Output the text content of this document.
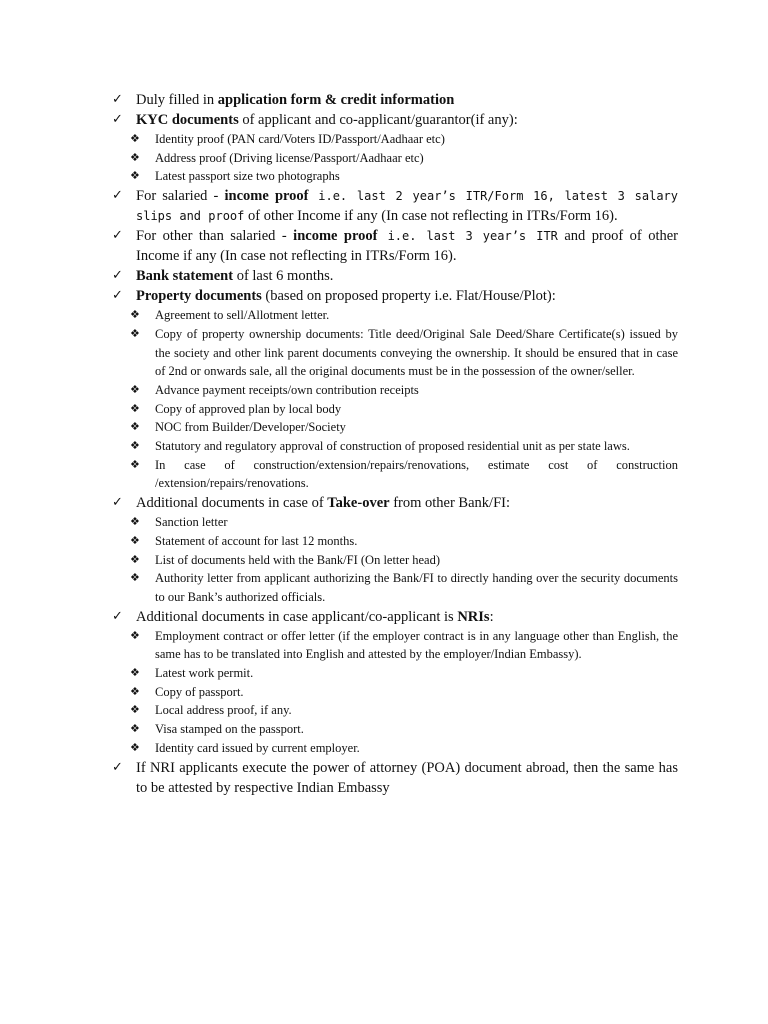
✓ Duly filled in application form & credit information
✓ KYC documents of applicant and co-applicant/guarantor(if any):
❖ Identity proof (PAN card/Voters ID/Passport/Aadhaar etc)
❖ Address proof (Driving license/Passport/Aadhaar etc)
❖ Latest passport size two photographs
✓ For salaried - income proof i.e. last 2 year’s ITR/Form 16, latest 3 salary slips and proof of other Income if any (In case not reflecting in ITRs/Form 16).
✓ For other than salaried - income proof i.e. last 3 year’s ITR and proof of other Income if any (In case not reflecting in ITRs/Form 16).
✓ Bank statement of last 6 months.
✓ Property documents (based on proposed property i.e. Flat/House/Plot):
❖ Agreement to sell/Allotment letter.
❖ Copy of property ownership documents: Title deed/Original Sale Deed/Share Certificate(s) issued by the society and other link parent documents conveying the ownership. It should be ensured that in case of 2nd or onwards sale, all the original documents must be in the possession of the owner/seller.
❖ Advance payment receipts/own contribution receipts
❖ Copy of approved plan by local body
❖ NOC from Builder/Developer/Society
❖ Statutory and regulatory approval of construction of proposed residential unit as per state laws.
❖ In case of construction/extension/repairs/renovations, estimate cost of construction /extension/repairs/renovations.
✓ Additional documents in case of Take-over from other Bank/FI:
❖ Sanction letter
❖ Statement of account for last 12 months.
❖ List of documents held with the Bank/FI (On letter head)
❖ Authority letter from applicant authorizing the Bank/FI to directly handing over the security documents to our Bank’s authorized officials.
✓ Additional documents in case applicant/co-applicant is NRIs:
❖ Employment contract or offer letter (if the employer contract is in any language other than English, the same has to be translated into English and attested by the employer/Indian Embassy).
❖ Latest work permit.
❖ Copy of passport.
❖ Local address proof, if any.
❖ Visa stamped on the passport.
❖ Identity card issued by current employer.
✓ If NRI applicants execute the power of attorney (POA) document abroad, then the same has to be attested by respective Indian Embassy
